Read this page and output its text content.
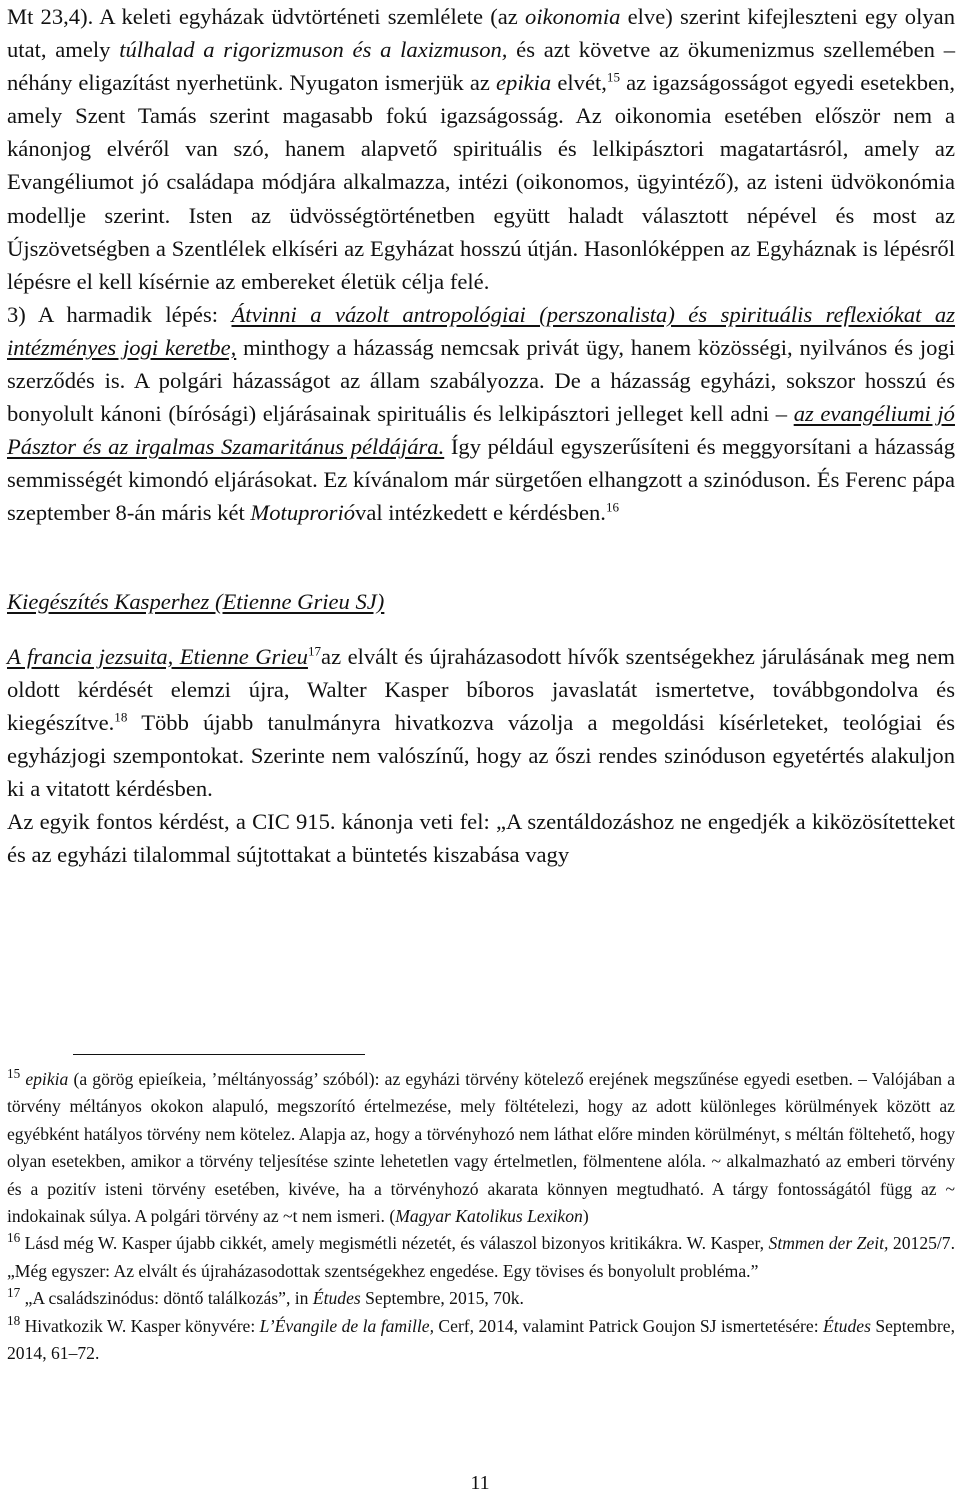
Mt 23,4). A keleti egyházak üdvtörténeti szemlélete (az oikonomia elve) szerint kifejleszteni egy olyan utat, amely túlhalad a rigorizmuson és a laxizmuson, és azt követve az ökumenizmus szellemében – néhány eligazítást nyerhetünk. Nyugaton ismerjük az epikia elvét,$^{15}$ az igazságosságot egyedi esetekben, amely Szent Tamás szerint magasabb fokú igazságosság. Az oikonomia esetében először nem a kánonjog elvéről van szó, hanem alapvető spirituális és lelkipásztori magatartásról, amely az Evangéliumot jó családapa módjára alkalmazza, intézi (oikonomos, ügyintéző), az isteni üdvökonómia modellje szerint. Isten az üdvösségtörténetben együtt haladt választott népével és most az Újszövetségben a Szentlélek elkíséri az Egyházat hosszú útján. Hasonlóképpen az Egyháznak is lépésről lépésre el kell kísérnie az embereket életük célja felé.

3) A harmadik lépés: Átvinni a vázolt antropológiai (perszonalista) és spirituális reflexiókat az intézményes jogi keretbe, minthogy a házasság nemcsak privát ügy, hanem közösségi, nyilvános és jogi szerződés is. A polgári házasságot az állam szabályozza. De a házasság egyházi, sokszor hosszú és bonyolult kánoni (bírósági) eljárásainak spirituális és lelkipásztori jelleget kell adni – az evangéliumi jó Pásztor és az irgalmas Szamaritánus példájára. Így például egyszerűsíteni és meggyorsítani a házasság semmisségét kimondó eljárásokat. Ez kívánalom már sürgetően elhangzott a szinóduson. És Ferenc pápa szeptember 8-án máris két Motuprorióval intézkedett e kérdésben.$^{16}$

Kiegészítés Kasperhez (Etienne Grieu SJ)

A francia jezsuita, Etienne Grieu$^{17}$az elvált és újraházasodott hívők szentségekhez járulásának meg nem oldott kérdését elemzi újra, Walter Kasper bíboros javaslatát ismertetve, továbbgondolva és kiegészítve.$^{18}$ Több újabb tanulmányra hivatkozva vázolja a megoldási kísérleteket, teológiai és egyházjogi szempontokat. Szerinte nem valószínű, hogy az őszi rendes szinóduson egyetértés alakuljon ki a vitatott kérdésben.

Az egyik fontos kérdést, a CIC 915. kánonja veti fel: „A szentáldozáshoz ne engedjék a kiközösítetteket és az egyházi tilalommal sújtottakat a büntetés kiszabása vagy

$^{15}$ epikia (a görög epieíkeia, ’méltányosság’ szóból): az egyházi törvény kötelező erejének megszűnése egyedi esetben. – Valójában a törvény méltányos okokon alapuló, megszorító értelmezése, mely föltételezi, hogy az adott különleges körülmények között az egyébként hatályos törvény nem kötelez. Alapja az, hogy a törvényhozó nem láthat előre minden körülményt, s méltán föltehető, hogy olyan esetekben, amikor a törvény teljesítése szinte lehetetlen vagy értelmetlen, fölmentene alóla. ~ alkalmazható az emberi törvény és a pozitív isteni törvény esetében, kivéve, ha a törvényhozó akarata könnyen megtudható. A tárgy fontosságától függ az ~ indokainak súlya. A polgári törvény az ~t nem ismeri. (Magyar Katolikus Lexikon)

$^{16}$ Lásd még W. Kasper újabb cikkét, amely megismétli nézetét, és válaszol bizonyos kritikákra. W. Kasper, Stmmen der Zeit, 20125/7. „Még egyszer: Az elvált és újraházasodottak szentségekhez engedése. Egy tövises és bonyolult probléma.”

$^{17}$ „A családszinódus: döntő találkozás”, in Études Septembre, 2015, 70k.

$^{18}$ Hivatkozik W. Kasper könyvére: L’Évangile de la famille, Cerf, 2014, valamint Patrick Goujon SJ ismertetésére: Études Septembre, 2014, 61–72.

11
